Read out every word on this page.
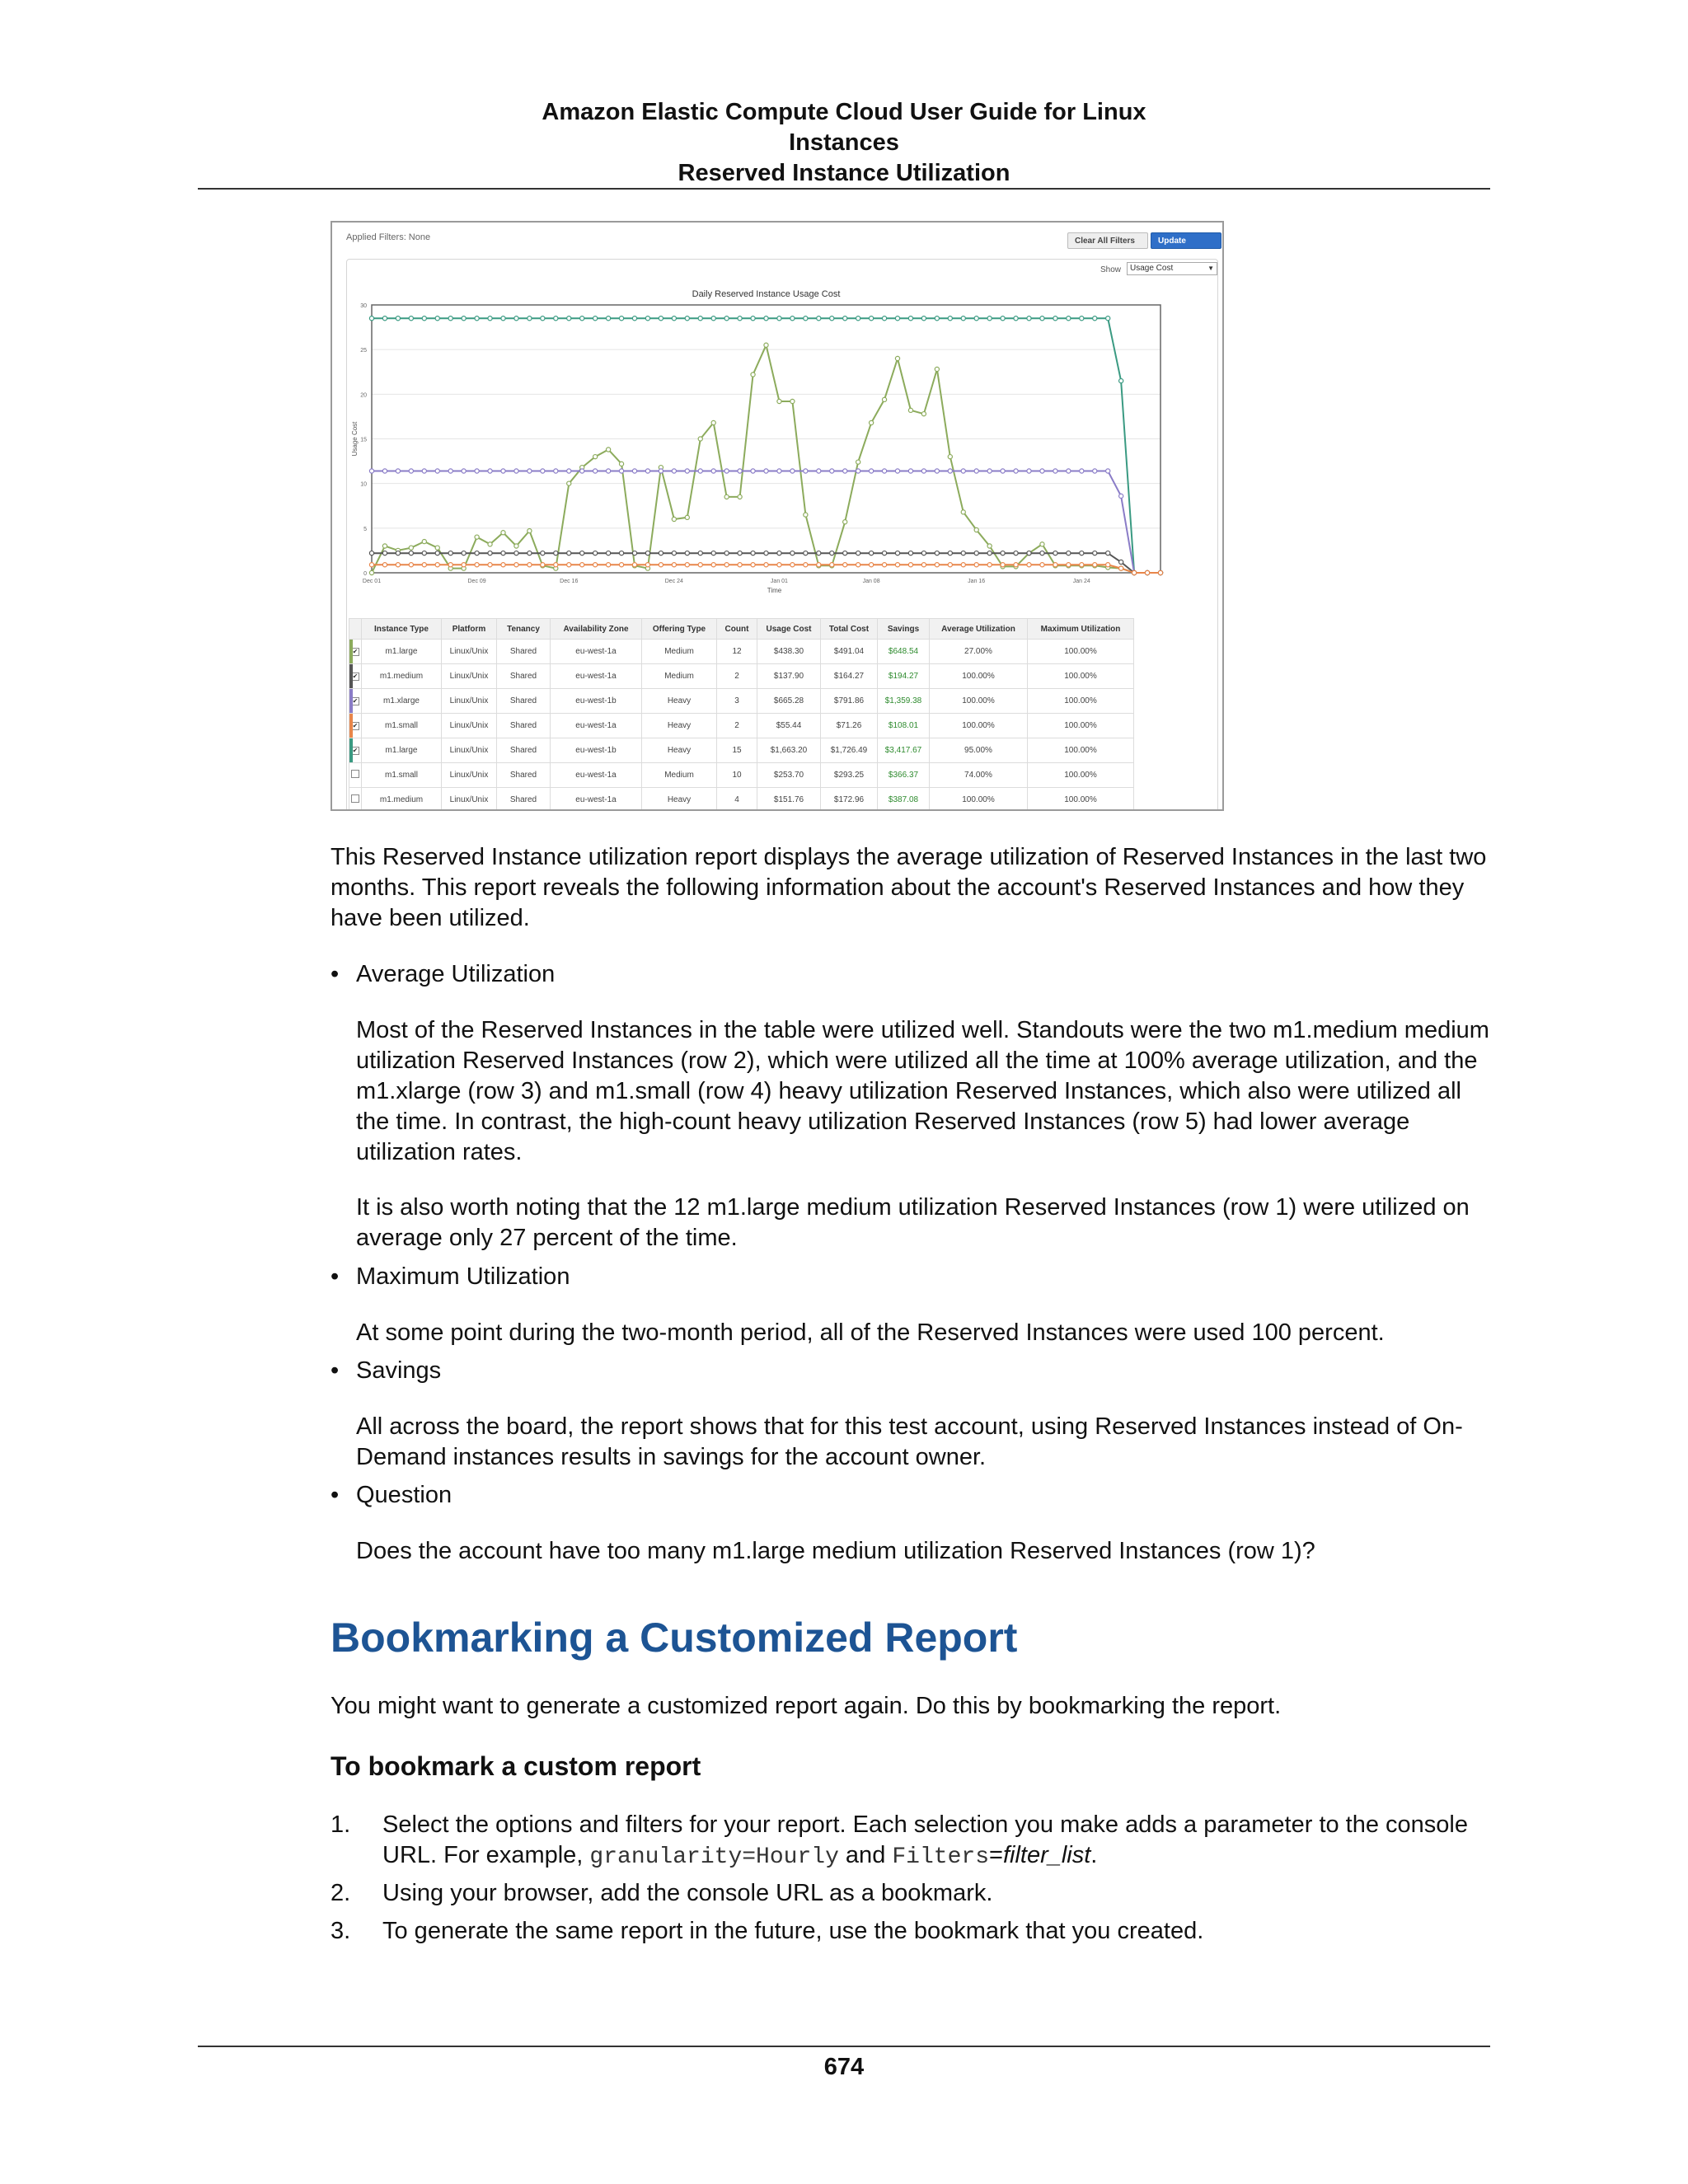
Amazon Elastic Compute Cloud User Guide for Linux
Instances
Reserved Instance Utilization
Applied Filters: None	Clear All Filters	Update Report
Show	Usage Cost	▼
Daily Reserved Instance Usage Cost
0
5
10
15
20
25
30
Dec 01	Dec 09	Dec 16	Dec 24	Jan 01	Jan 08	Jan 16	Jan 24
Time
Usage Cost
	Instance Type	Platform	Tenancy	Availability Zone	Offering Type	Count	Usage Cost	Total Cost	Savings	Average Utilization	Maximum Utilization

✔	m1.large	Linux/Unix	Shared	eu-west-1a	Medium	12	$438.30	$491.04	$648.54	27.00%	100.00%

✔	m1.medium	Linux/Unix	Shared	eu-west-1a	Medium	2	$137.90	$164.27	$194.27	100.00%	100.00%

✔	m1.xlarge	Linux/Unix	Shared	eu-west-1b	Heavy	3	$665.28	$791.86	$1,359.38	100.00%	100.00%

✔	m1.small	Linux/Unix	Shared	eu-west-1a	Heavy	2	$55.44	$71.26	$108.01	100.00%	100.00%

✔	m1.large	Linux/Unix	Shared	eu-west-1b	Heavy	15	$1,663.20	$1,726.49	$3,417.67	95.00%	100.00%

	m1.small	Linux/Unix	Shared	eu-west-1a	Medium	10	$253.70	$293.25	$366.37	74.00%	100.00%

	m1.medium	Linux/Unix	Shared	eu-west-1a	Heavy	4	$151.76	$172.96	$387.08	100.00%	100.00%
This Reserved Instance utilization report displays the average utilization of Reserved Instances in the last two months. This report reveals the following information about the account's Reserved Instances and how they have been utilized.
• Average Utilization
Most of the Reserved Instances in the table were utilized well. Standouts were the two m1.medium medium utilization Reserved Instances (row 2), which were utilized all the time at 100% average utilization, and the m1.xlarge (row 3) and m1.small (row 4) heavy utilization Reserved Instances, which also were utilized all the time. In contrast, the high-count heavy utilization Reserved Instances (row 5) had lower average utilization rates.
It is also worth noting that the 12 m1.large medium utilization Reserved Instances (row 1) were utilized on average only 27 percent of the time.
• Maximum Utilization
At some point during the two-month period, all of the Reserved Instances were used 100 percent.
• Savings
All across the board, the report shows that for this test account, using Reserved Instances instead of On-Demand instances results in savings for the account owner.
• Question
Does the account have too many m1.large medium utilization Reserved Instances (row 1)?
Bookmarking a Customized Report
You might want to generate a customized report again. Do this by bookmarking the report.
To bookmark a custom report
1. Select the options and filters for your report. Each selection you make adds a parameter to the console URL. For example, granularity=Hourly and Filters=filter_list.
2. Using your browser, add the console URL as a bookmark.
3. To generate the same report in the future, use the bookmark that you created.
674
